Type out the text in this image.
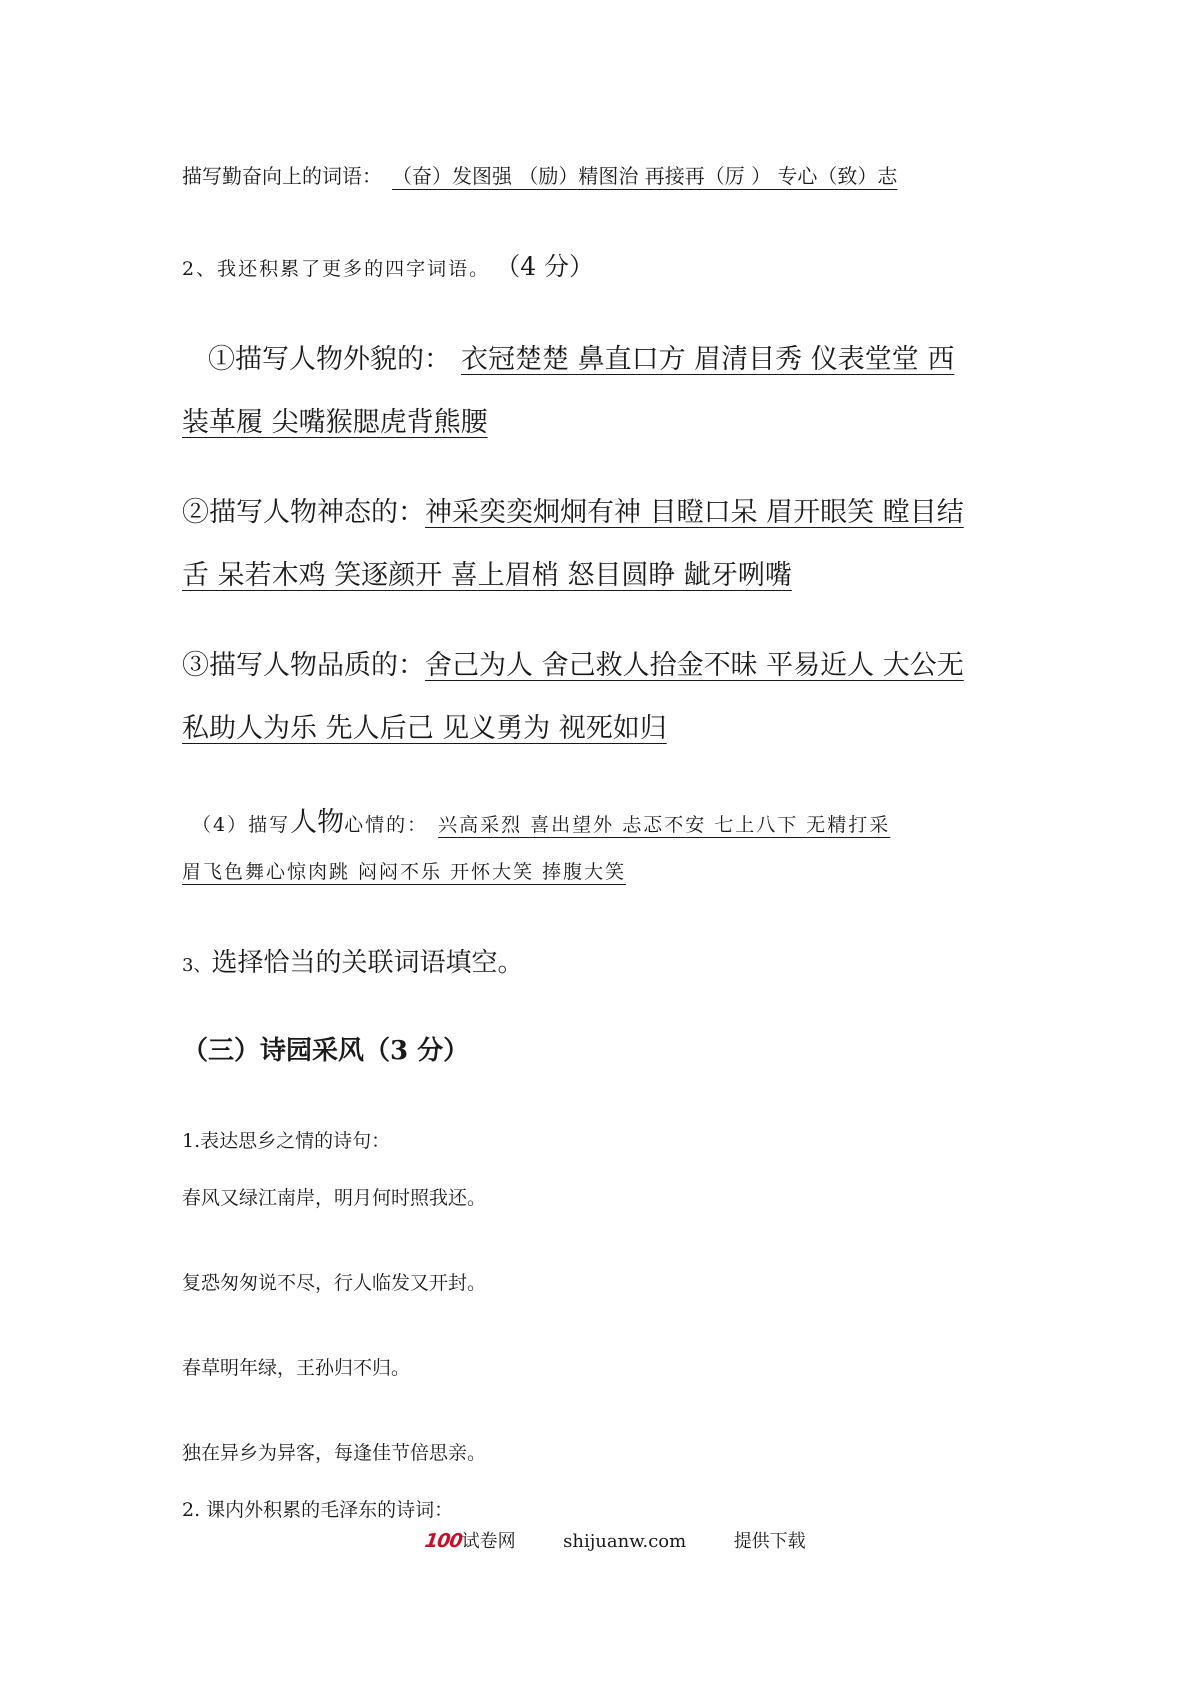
描写勤奋向上的词语： （奋）发图强 （励）精图治 再接再（厉 ） 专心（致）志
2、我还积累了更多的四字词语。 （4 分）
①描写人物外貌的： 衣冠楚楚 鼻直口方 眉清目秀 仪表堂堂 西
装革履 尖嘴猴腮虎背熊腰
②描写人物神态的：神采奕奕炯炯有神 目瞪口呆 眉开眼笑 瞠目结
舌 呆若木鸡 笑逐颜开 喜上眉梢 怒目圆睁 龇牙咧嘴
③描写人物品质的：舍己为人 舍己救人拾金不昧 平易近人 大公无
私助人为乐 先人后己 见义勇为 视死如归
（4）描写人物心情的： 兴高采烈 喜出望外 忐忑不安 七上八下 无精打采
眉飞色舞心惊肉跳 闷闷不乐 开怀大笑 捧腹大笑
3、选择恰当的关联词语填空。
（三）诗园采风（3 分）
1.表达思乡之情的诗句：
春风又绿江南岸，明月何时照我还。
复恐匆匆说不尽，行人临发又开封。
春草明年绿，王孙归不归。
独在异乡为异客，每逢佳节倍思亲。
2. 课内外积累的毛泽东的诗词：
100试卷网	shijuanw.com	提供下载
